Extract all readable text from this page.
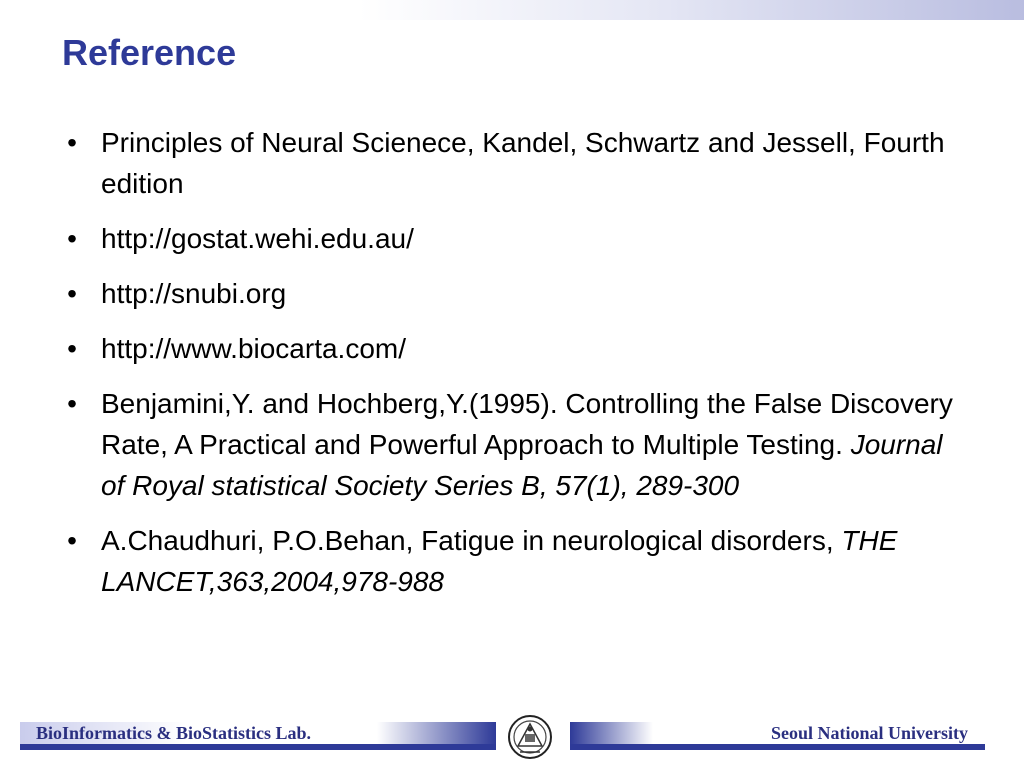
Reference
• Principles of Neural Scienece, Kandel, Schwartz and Jessell, Fourth edition
• http://gostat.wehi.edu.au/
• http://snubi.org
• http://www.biocarta.com/
• Benjamini,Y. and Hochberg,Y.(1995). Controlling the False Discovery Rate, A Practical and Powerful Approach to Multiple Testing. Journal of Royal statistical Society Series B, 57(1), 289-300
• A.Chaudhuri, P.O.Behan, Fatigue in neurological disorders, THE LANCET,363,2004,978-988
BioInformatics & BioStatistics Lab.	Seoul National University
